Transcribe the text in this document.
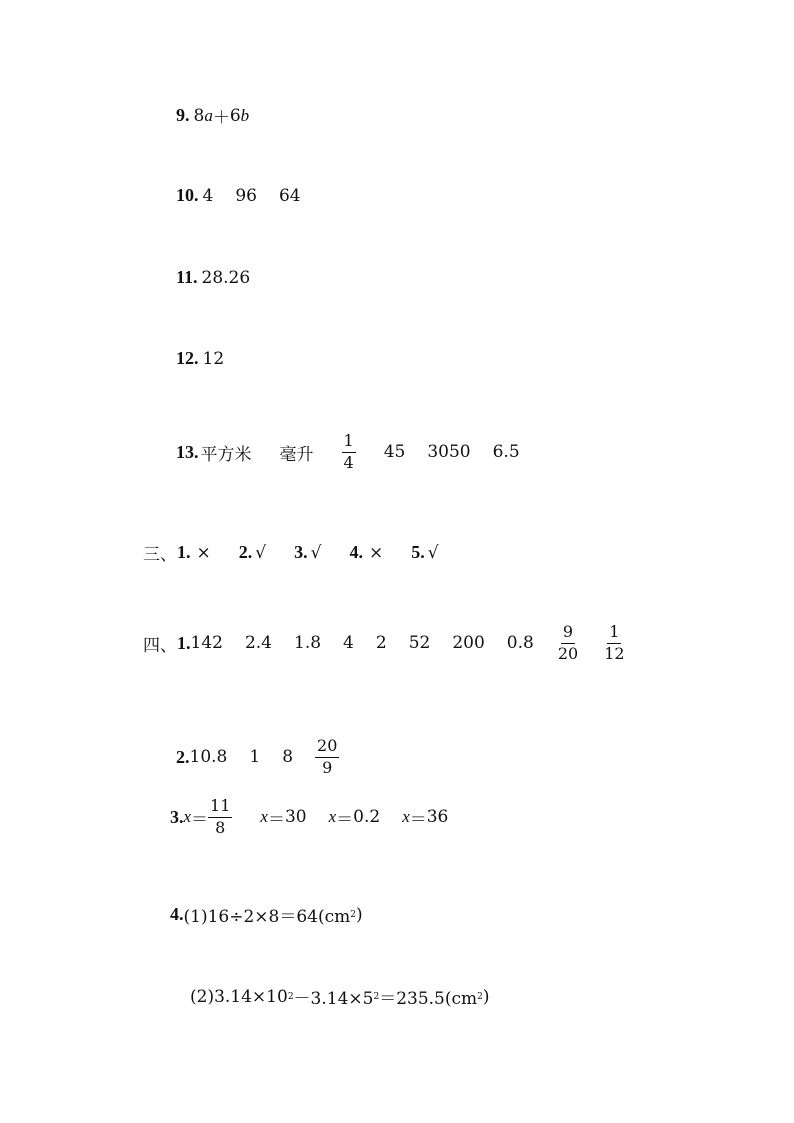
9. 8 a ＋ 6 b
10. 4 96 64
11. 28.26
12. 12
13. 平方米 毫升 $\frac{1}{4} 45$ 3050 6.5
三、 1. × 2. √ 3. √ 4. × 5. √
四、 1. 142 2.4 1.8 4 2 52 200 $0.8 \frac{9}{20} \frac{1}{12}$
2. 10.8 1 $8 \frac{20}{9}$
3. $x = \frac{11}{8}$ x ＝ 30 x ＝ 0.2 x ＝ 36
4. (1)16÷2×8＝64(cm 2 )
(2)3.14×10 2 －3.14×5 2 ＝235.5(cm 2 )
